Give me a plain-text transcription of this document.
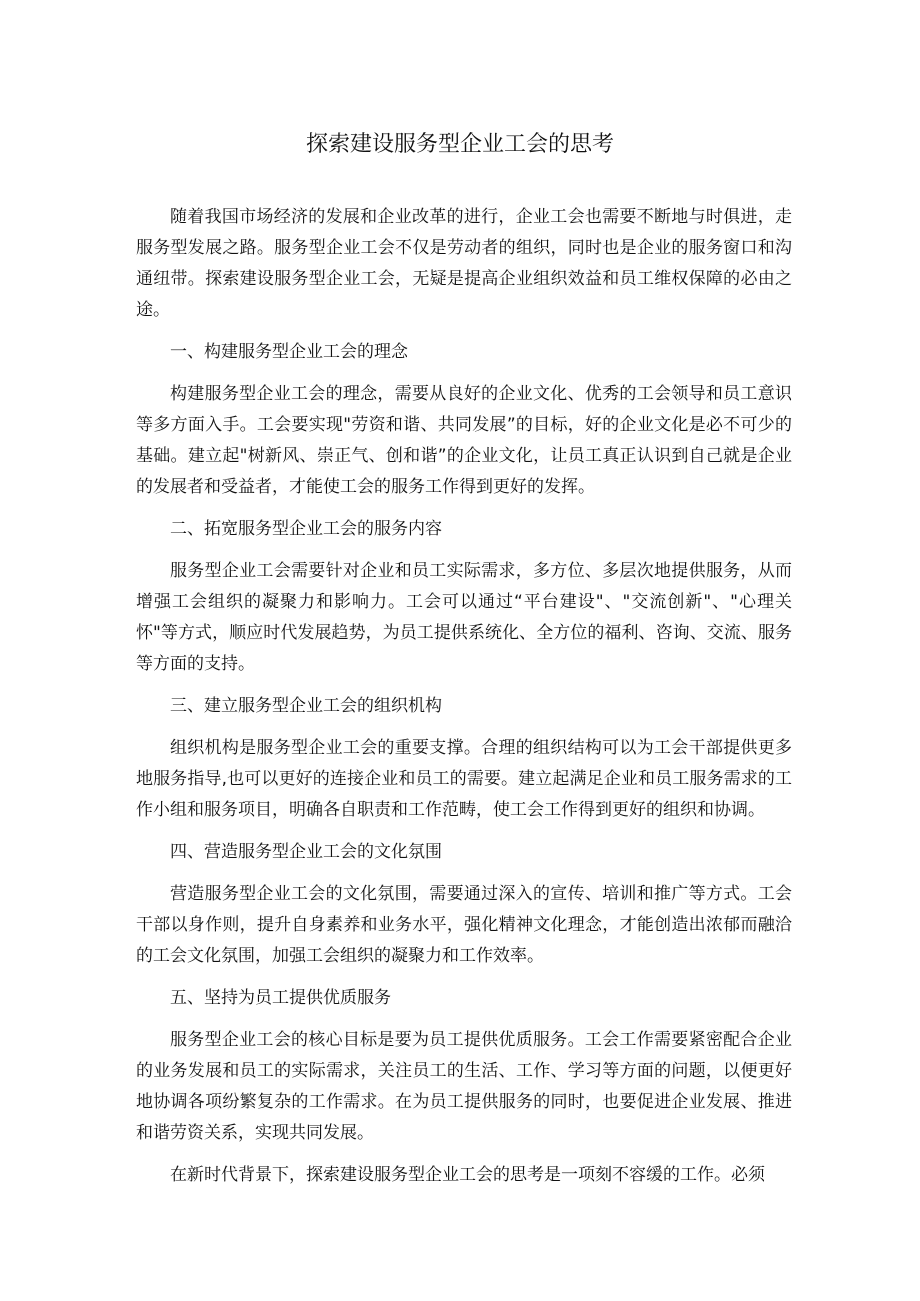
探索建设服务型企业工会的思考

随着我国市场经济的发展和企业改革的进行，企业工会也需要不断地与时俱进，走服务型发展之路。服务型企业工会不仅是劳动者的组织，同时也是企业的服务窗口和沟通纽带。探索建设服务型企业工会，无疑是提高企业组织效益和员工维权保障的必由之途。

一、构建服务型企业工会的理念

构建服务型企业工会的理念，需要从良好的企业文化、优秀的工会领导和员工意识等多方面入手。工会要实现"劳资和谐、共同发展”的目标，好的企业文化是必不可少的基础。建立起"树新风、崇正气、创和谐”的企业文化，让员工真正认识到自己就是企业的发展者和受益者，才能使工会的服务工作得到更好的发挥。

二、拓宽服务型企业工会的服务内容

服务型企业工会需要针对企业和员工实际需求，多方位、多层次地提供服务，从而增强工会组织的凝聚力和影响力。工会可以通过“平台建设"、"交流创新"、"心理关怀"等方式，顺应时代发展趋势，为员工提供系统化、全方位的福利、咨询、交流、服务等方面的支持。

三、建立服务型企业工会的组织机构

组织机构是服务型企业工会的重要支撑。合理的组织结构可以为工会干部提供更多地服务指导,也可以更好的连接企业和员工的需要。建立起满足企业和员工服务需求的工作小组和服务项目，明确各自职责和工作范畴，使工会工作得到更好的组织和协调。

四、营造服务型企业工会的文化氛围

营造服务型企业工会的文化氛围，需要通过深入的宣传、培训和推广等方式。工会干部以身作则，提升自身素养和业务水平，强化精神文化理念，才能创造出浓郁而融洽的工会文化氛围，加强工会组织的凝聚力和工作效率。

五、坚持为员工提供优质服务

服务型企业工会的核心目标是要为员工提供优质服务。工会工作需要紧密配合企业的业务发展和员工的实际需求，关注员工的生活、工作、学习等方面的问题，以便更好地协调各项纷繁复杂的工作需求。在为员工提供服务的同时，也要促进企业发展、推进和谐劳资关系，实现共同发展。

在新时代背景下，探索建设服务型企业工会的思考是一项刻不容缓的工作。必须
